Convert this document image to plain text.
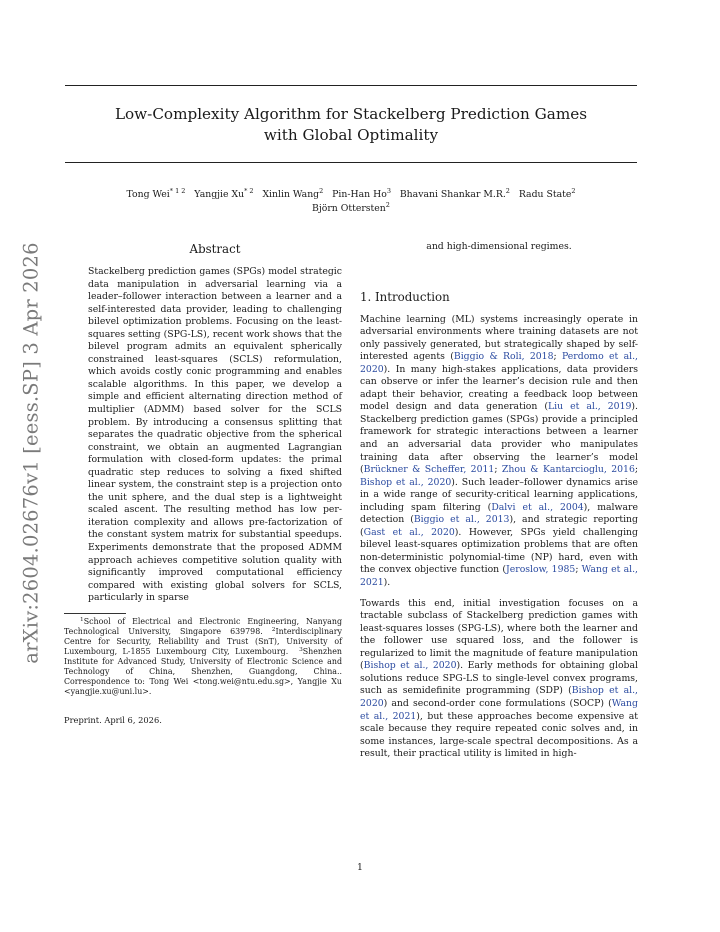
Low-Complexity Algorithm for Stackelberg Prediction Games
with Global Optimality
Tong Wei$^{* 1 2}$ Yangjie Xu$^{* 2}$ Xinlin Wang$^2$ Pin-Han Ho$^3$ Bhavani Shankar M.R.$^2$ Radu State$^2$
Björn Ottersten$^2$
arXiv:2604.02676v1 [eess.SP] 3 Apr 2026	Abstract
Stackelberg prediction games (SPGs) model strategic data manipulation in adversarial learning via a leader–follower interaction between a learner and a self-interested data provider, leading to challenging bilevel optimization problems. Focusing on the least-squares setting (SPG-LS), recent work shows that the bilevel program admits an equivalent spherically constrained least-squares (SCLS) reformulation, which avoids costly conic programming and enables scalable algorithms. In this paper, we develop a simple and efficient alternating direction method of multiplier (ADMM) based solver for the SCLS problem. By introducing a consensus splitting that separates the quadratic objective from the spherical constraint, we obtain an augmented Lagrangian formulation with closed-form updates: the primal quadratic step reduces to solving a fixed shifted linear system, the constraint step is a projection onto the unit sphere, and the dual step is a lightweight scaled ascent. The resulting method has low per-iteration complexity and allows pre-factorization of the constant system matrix for substantial speedups. Experiments demonstrate that the proposed ADMM approach achieves competitive solution quality with significantly improved computational efficiency compared with existing global solvers for SCLS, particularly in sparse
$^1$School of Electrical and Electronic Engineering, Nanyang Technological University, Singapore 639798. $^2$Interdisciplinary Centre for Security, Reliability and Trust (SnT), University of Luxembourg, L-1855 Luxembourg City, Luxembourg. $^3$Shenzhen Institute for Advanced Study, University of Electronic Science and Technology of China, Shenzhen, Guangdong, China.. Correspondence to: Tong Wei <tong.wei@ntu.edu.sg>, Yangjie Xu <yangjie.xu@uni.lu>.
Preprint. April 6, 2026.
and high-dimensional regimes.
1. Introduction

Machine learning (ML) systems increasingly operate in adversarial environments where training datasets are not only passively generated, but strategically shaped by self-interested agents (Biggio & Roli, 2018; Perdomo et al., 2020). In many high-stakes applications, data providers can observe or infer the learner’s decision rule and then adapt their behavior, creating a feedback loop between model design and data generation (Liu et al., 2019). Stackelberg prediction games (SPGs) provide a principled framework for strategic interactions between a learner and an adversarial data provider who manipulates training data after observing the learner’s model (Brückner & Scheffer, 2011; Zhou & Kantarcioglu, 2016; Bishop et al., 2020). Such leader–follower dynamics arise in a wide range of security-critical learning applications, including spam filtering (Dalvi et al., 2004), malware detection (Biggio et al., 2013), and strategic reporting (Gast et al., 2020). However, SPGs yield challenging bilevel least-squares optimization problems that are often non-deterministic polynomial-time (NP) hard, even with the convex objective function (Jeroslow, 1985; Wang et al., 2021).

Towards this end, initial investigation focuses on a tractable subclass of Stackelberg prediction games with least-squares losses (SPG-LS), where both the learner and the follower use squared loss, and the follower is regularized to limit the magnitude of feature manipulation (Bishop et al., 2020). Early methods for obtaining global solutions reduce SPG-LS to single-level convex programs, such as semidefinite programming (SDP) (Bishop et al., 2020) and second-order cone formulations (SOCP) (Wang et al., 2021), but these approaches become expensive at scale because they require repeated conic solves and, in some instances, large-scale spectral decompositions. As a result, their practical utility is limited in high-

1
